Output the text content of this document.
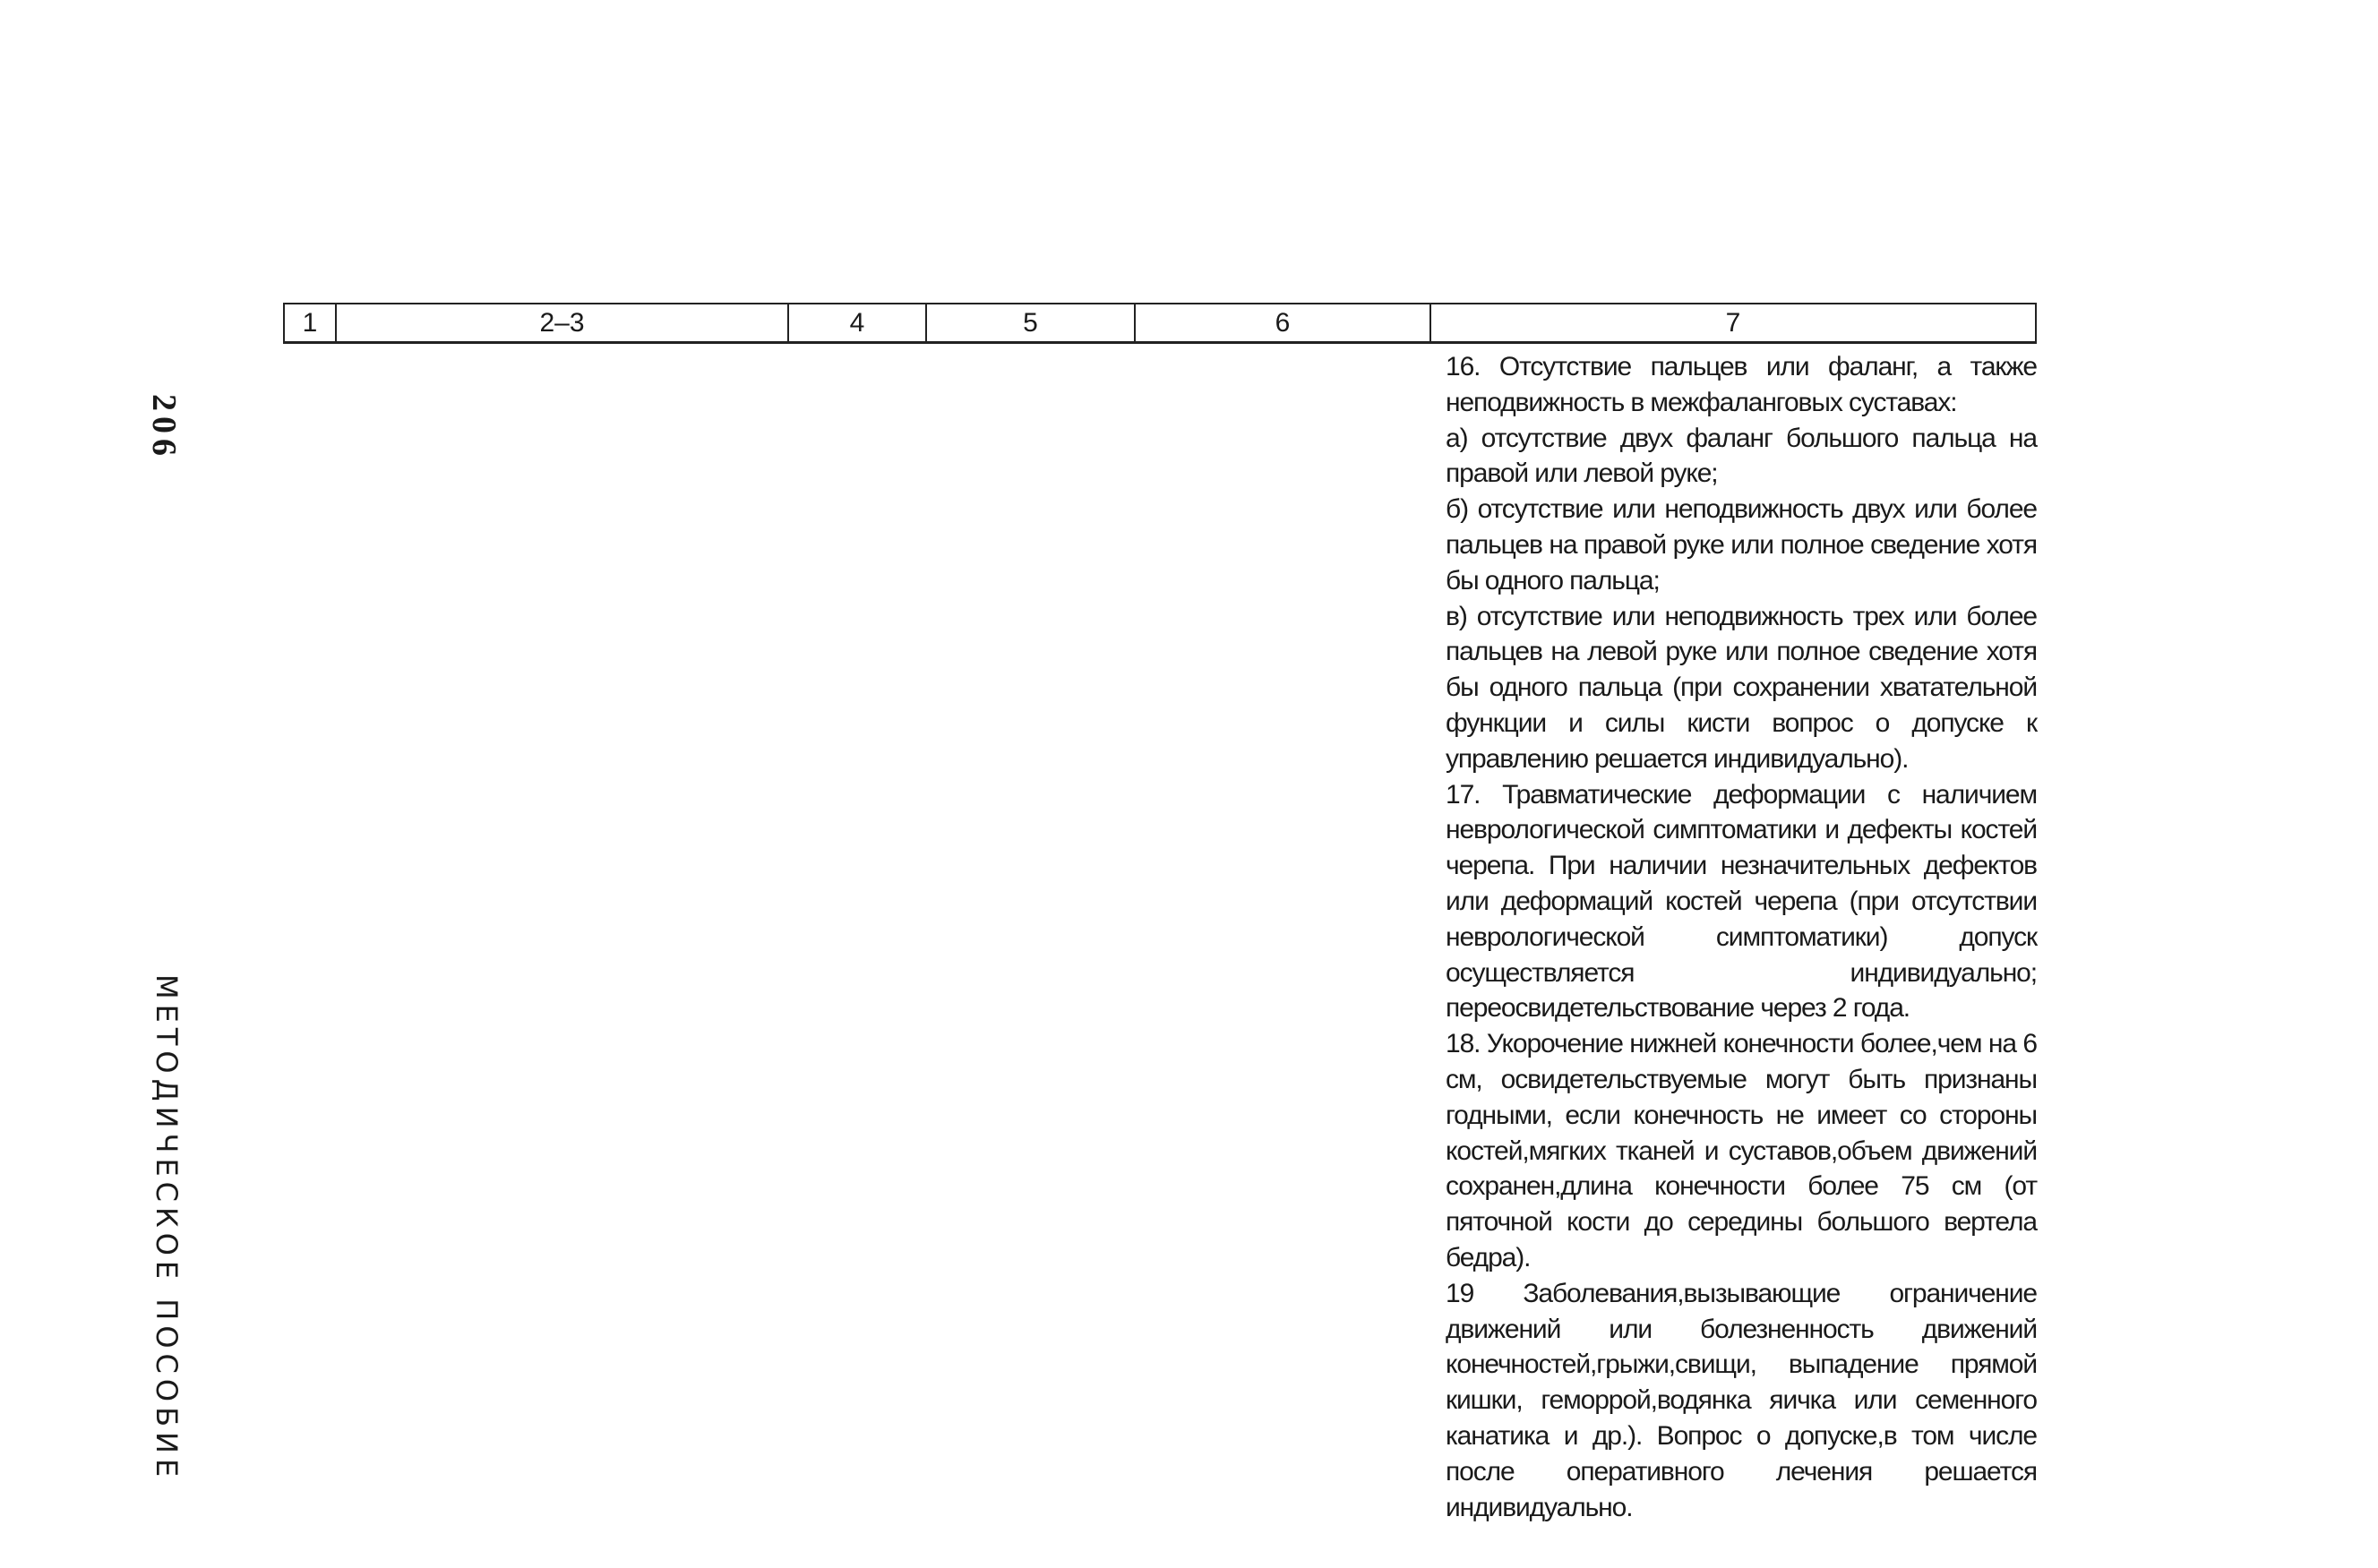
206
МЕТОДИЧЕСКОЕ ПОСОБИЕ
1	2–3	4	5	6	7

16. Отсутствие пальцев или фаланг, а также неподвижность в межфаланговых суставах:

а) отсутствие двух фаланг большого пальца на правой или левой руке;

б) отсутствие или неподвижность двух или более пальцев на правой руке или полное сведение хотя бы одного пальца;

в) отсутствие или неподвижность трех или более пальцев на левой руке или полное сведение хотя бы одного пальца (при сохранении хватательной функции и силы кисти вопрос о допуске к управлению решается индивидуально).

17. Травматические деформации с наличием неврологической симптоматики и дефекты костей черепа. При наличии незначительных дефектов или деформаций костей черепа (при отсутствии неврологической симптоматики) допуск осуществляется индивидуально; переосвидетельствование через 2 года.

18. Укорочение нижней конечности более,чем на 6 см, освидетельствуемые могут быть признаны годными, если конечность не имеет со стороны костей,мягких тканей и суставов,объем движений сохранен,длина конечности более 75 см (от пяточной кости до середины большого вертела бедра).

19 Заболевания,вызывающие ограничение движений или болезненность движений конечностей,грыжи,свищи, выпадение прямой кишки, геморрой,водянка яичка или семенного канатика и др.). Вопрос о допуске,в том числе после оперативного лечения решается индивидуально.
